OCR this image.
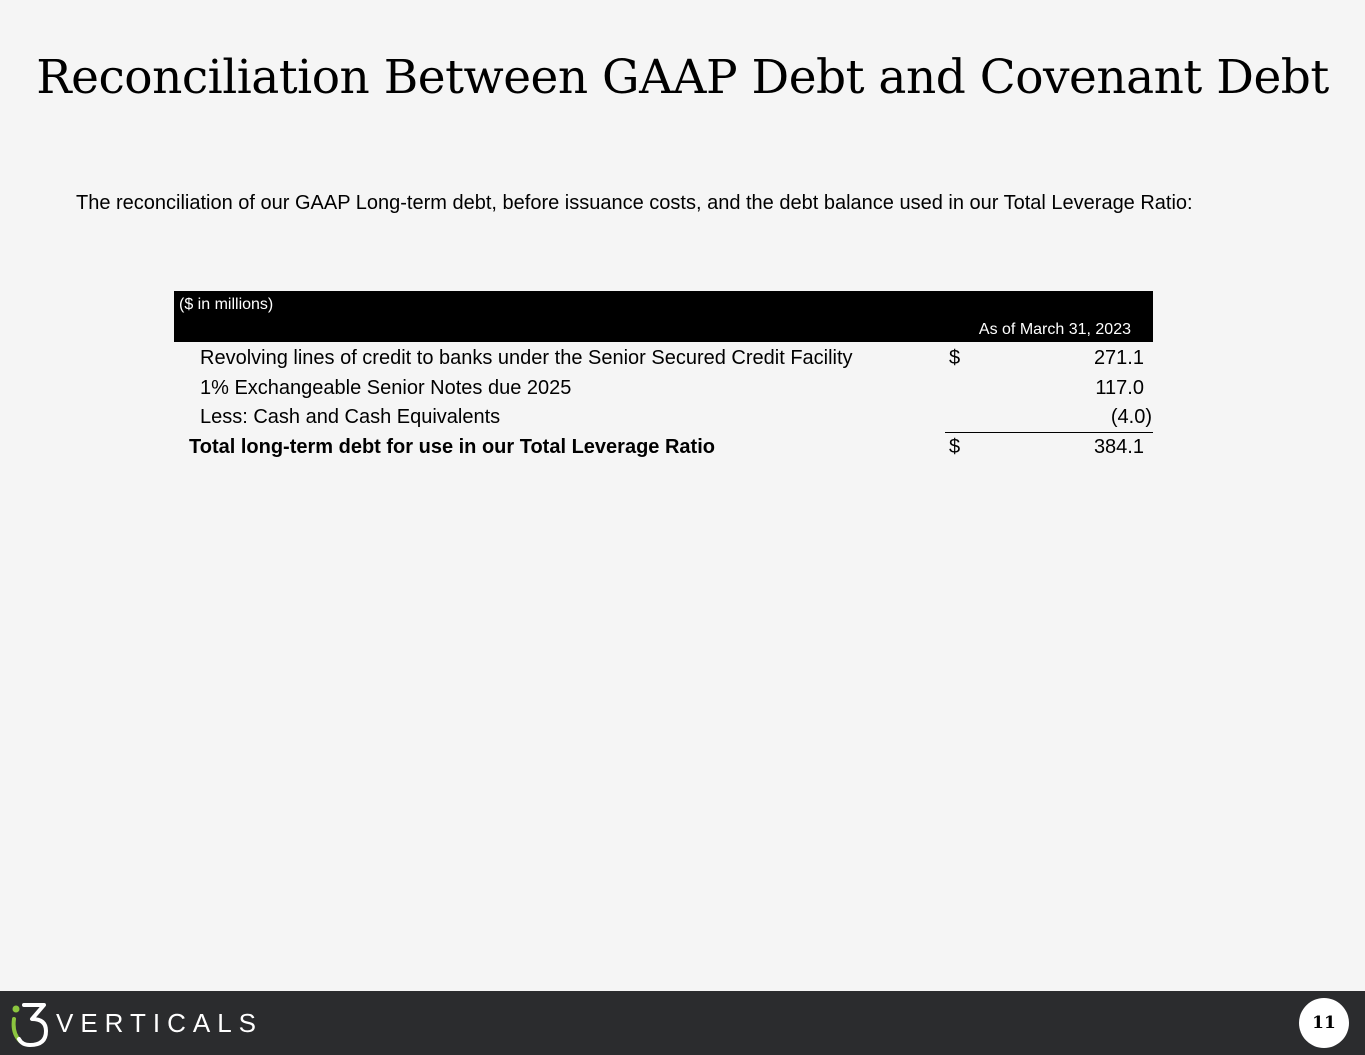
Reconciliation Between GAAP Debt and Covenant Debt

The reconciliation of our GAAP Long-term debt, before issuance costs, and the debt balance used in our Total Leverage Ratio:

($ in millions)
As of March 31, 2023
Revolving lines of credit to banks under the Senior Secured Credit Facility	$	271.1
1% Exchangeable Senior Notes due 2025	117.0
Less: Cash and Cash Equivalents	(4.0)
Total long-term debt for use in our Total Leverage Ratio	$	384.1
VERTICALS	11
